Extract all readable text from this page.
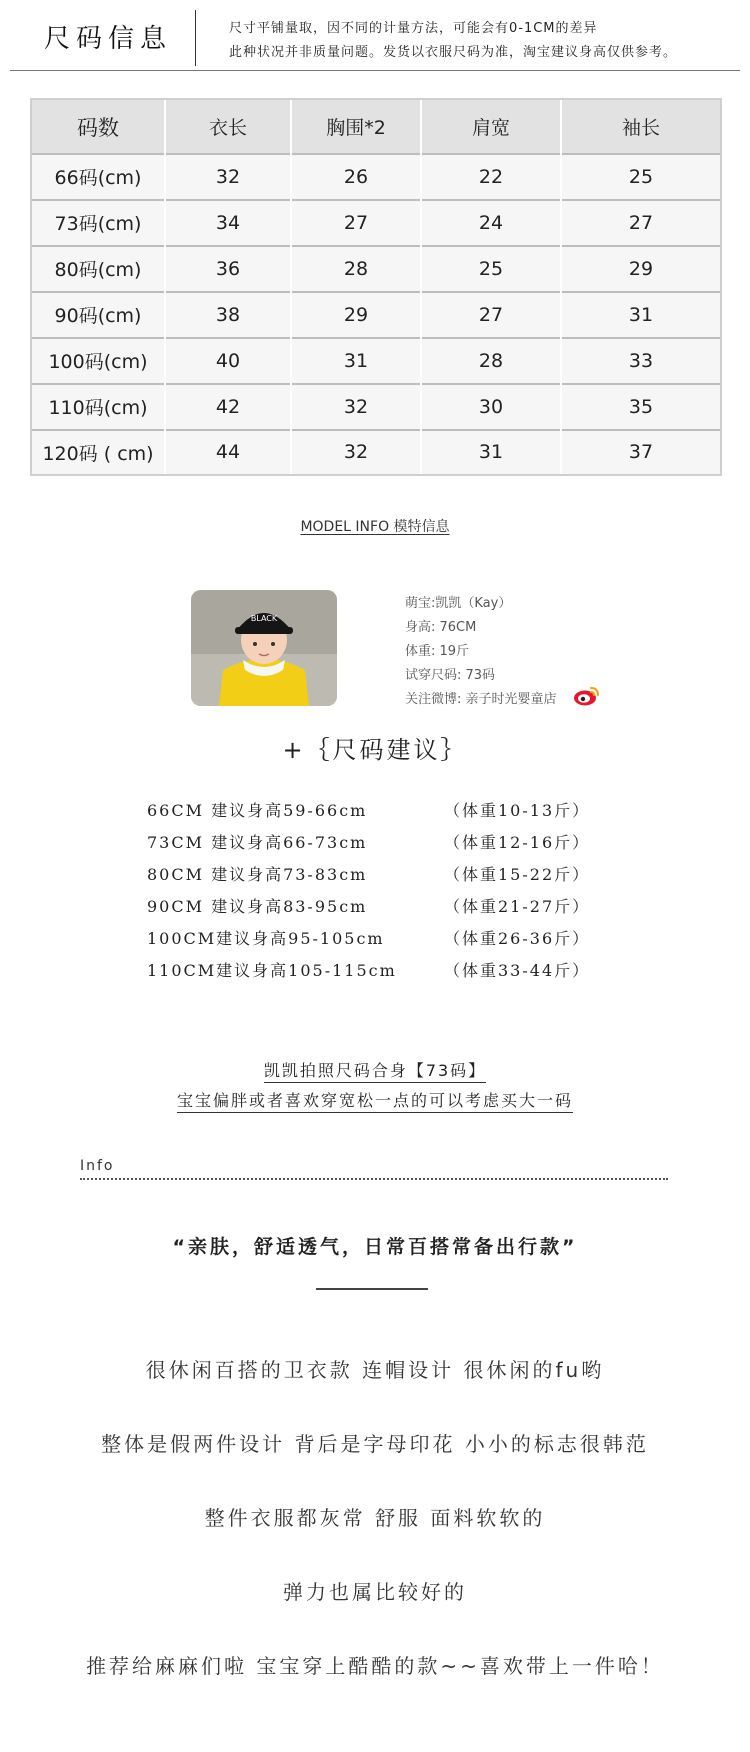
尺码信息	尺寸平铺量取，因不同的计量方法，可能会有0-1CM的差异
此种状况并非质量问题。发货以衣服尺码为准，淘宝建议身高仅供参考。
码数	衣长	胸围*2	肩宽	袖长
66码(cm)	32	26	22	25
73码(cm)	34	27	24	27
80码(cm)	36	28	25	29
90码(cm)	38	29	27	31
100码(cm)	40	31	28	33
110码(cm)	42	32	30	35
120码 ( cm)	44	32	31	37
MODEL INFO 模特信息
BLACK
萌宝:凯凯（Kay）
身高: 76CM
体重: 19斤
试穿尺码: 73码
关注微博: 亲子时光婴童店
+｛尺码建议｝
66CM 建议身高59-66cm	（体重10-13斤）
73CM 建议身高66-73cm	（体重12-16斤）
80CM 建议身高73-83cm	（体重15-22斤）
90CM 建议身高83-95cm	（体重21-27斤）
100CM建议身高95-105cm	（体重26-36斤）
110CM建议身高105-115cm	（体重33-44斤）
凯凯拍照尺码合身【73码】
宝宝偏胖或者喜欢穿宽松一点的可以考虑买大一码
Info
“亲肤，舒适透气，日常百搭常备出行款”
很休闲百搭的卫衣款 连帽设计 很休闲的fu哟
整体是假两件设计 背后是字母印花 小小的标志很韩范
整件衣服都灰常 舒服 面料软软的
弹力也属比较好的
推荐给麻麻们啦 宝宝穿上酷酷的款~~喜欢带上一件哈！
